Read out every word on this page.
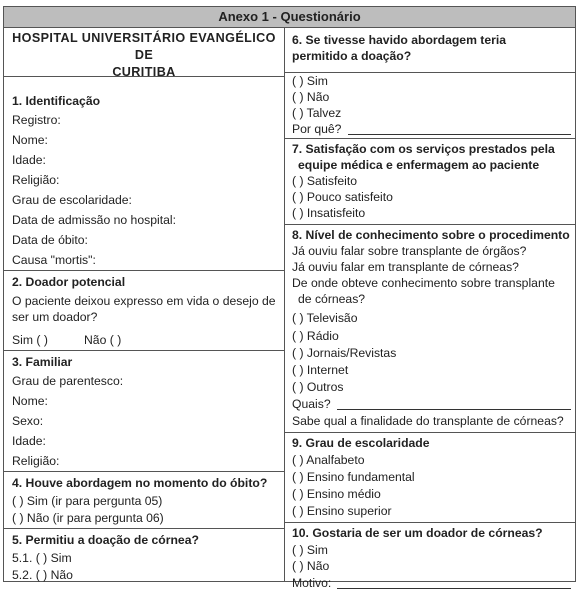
Anexo 1 - Questionário
HOSPITAL UNIVERSITÁRIO EVANGÉLICO DE
CURITIBA
1. Identificação
Registro:
Nome:
Idade:
Religião:
Grau de escolaridade:
Data de admissão no hospital:
Data de óbito:
Causa "mortis":
2. Doador potencial
O paciente deixou expresso em vida o desejo de
ser um doador?
Sim ( )	Não ( )
3. Familiar
Grau de parentesco:
Nome:
Sexo:
Idade:
Religião:
4. Houve abordagem no momento do óbito?
( ) Sim (ir para pergunta 05)
( ) Não (ir para pergunta 06)
5. Permitiu a doação de córnea?
5.1. ( ) Sim
5.2. ( ) Não
6. Se tivesse havido abordagem teria
permitido a doação?
( ) Sim
( ) Não
( ) Talvez
Por quê?
7. Satisfação com os serviços prestados pela
equipe médica e enfermagem ao paciente
( ) Satisfeito
( ) Pouco satisfeito
( ) Insatisfeito
8. Nível de conhecimento sobre o procedimento
Já ouviu falar sobre transplante de órgãos?
Já ouviu falar em transplante de córneas?
De onde obteve conhecimento sobre transplante
de córneas?
( ) Televisão
( ) Rádio
( ) Jornais/Revistas
( ) Internet
( ) Outros
Quais?
Sabe qual a finalidade do transplante de córneas?
9. Grau de escolaridade
( ) Analfabeto
( ) Ensino fundamental
( ) Ensino médio
( ) Ensino superior
10. Gostaria de ser um doador de córneas?
( ) Sim
( ) Não
Motivo:
